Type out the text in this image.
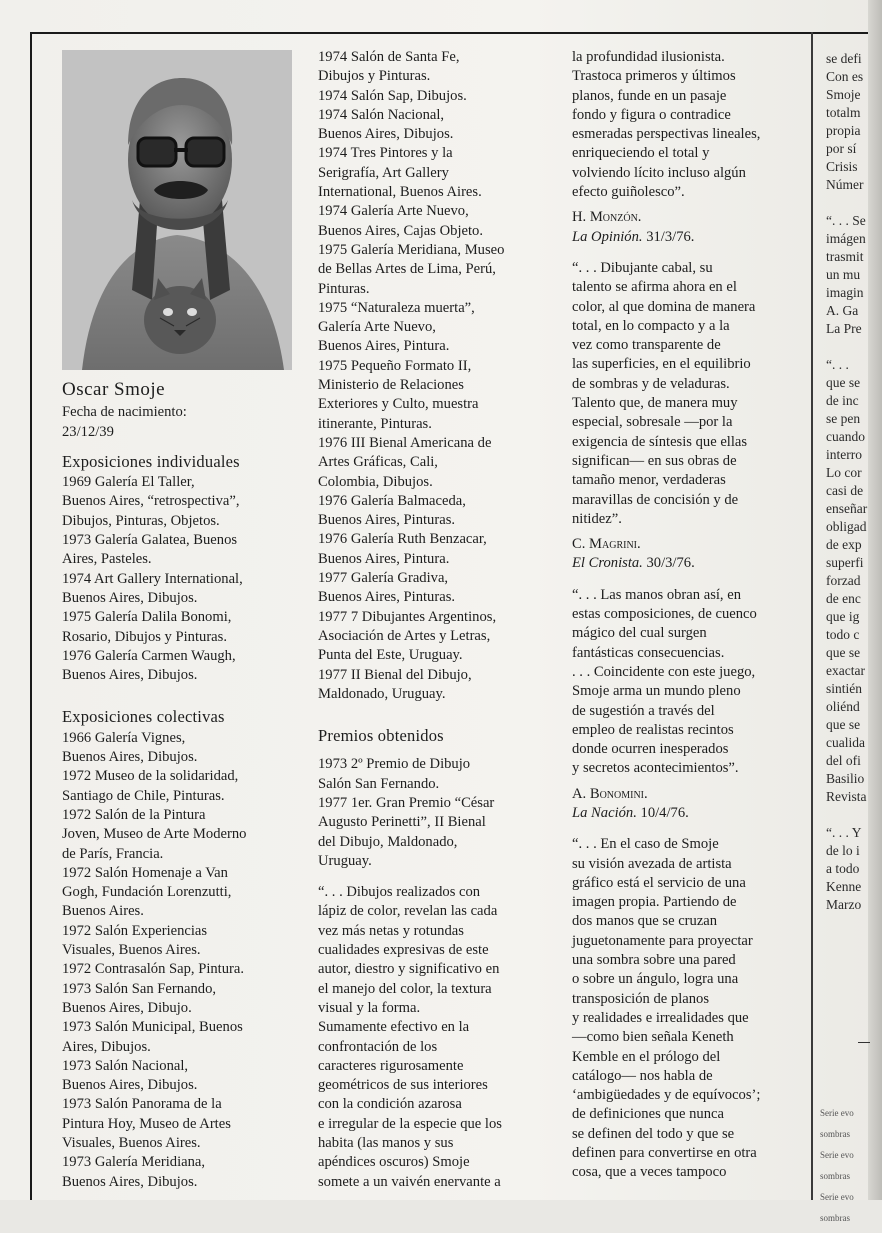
Oscar Smoje

Fecha de nacimiento:

23/12/39

Exposiciones individuales

1969 Galería El Taller,

Buenos Aires, “retrospectiva”,

Dibujos, Pinturas, Objetos.

1973 Galería Galatea, Buenos

Aires, Pasteles.

1974 Art Gallery International,

Buenos Aires, Dibujos.

1975 Galería Dalila Bonomi,

Rosario, Dibujos y Pinturas.

1976 Galería Carmen Waugh,

Buenos Aires, Dibujos.

Exposiciones colectivas

1966 Galería Vignes,

Buenos Aires, Dibujos.

1972 Museo de la solidaridad,

Santiago de Chile, Pinturas.

1972 Salón de la Pintura

Joven, Museo de Arte Moderno

de París, Francia.

1972 Salón Homenaje a Van

Gogh, Fundación Lorenzutti,

Buenos Aires.

1972 Salón Experiencias

Visuales, Buenos Aires.

1972 Contrasalón Sap, Pintura.

1973 Salón San Fernando,

Buenos Aires, Dibujo.

1973 Salón Municipal, Buenos

Aires, Dibujos.

1973 Salón Nacional,

Buenos Aires, Dibujos.

1973 Salón Panorama de la

Pintura Hoy, Museo de Artes

Visuales, Buenos Aires.

1973 Galería Meridiana,

Buenos Aires, Dibujos.

1974 Salón de Santa Fe,

Dibujos y Pinturas.

1974 Salón Sap, Dibujos.

1974 Salón Nacional,

Buenos Aires, Dibujos.

1974 Tres Pintores y la

Serigrafía, Art Gallery

International, Buenos Aires.

1974 Galería Arte Nuevo,

Buenos Aires, Cajas Objeto.

1975 Galería Meridiana, Museo

de Bellas Artes de Lima, Perú,

Pinturas.

1975 “Naturaleza muerta”,

Galería Arte Nuevo,

Buenos Aires, Pintura.

1975 Pequeño Formato II,

Ministerio de Relaciones

Exteriores y Culto, muestra

itinerante, Pinturas.

1976 III Bienal Americana de

Artes Gráficas, Cali,

Colombia, Dibujos.

1976 Galería Balmaceda,

Buenos Aires, Pinturas.

1976 Galería Ruth Benzacar,

Buenos Aires, Pintura.

1977 Galería Gradiva,

Buenos Aires, Pinturas.

1977 7 Dibujantes Argentinos,

Asociación de Artes y Letras,

Punta del Este, Uruguay.

1977 II Bienal del Dibujo,

Maldonado, Uruguay.

Premios obtenidos

1973 2º Premio de Dibujo

Salón San Fernando.

1977 1er. Gran Premio “César

Augusto Perinetti”, II Bienal

del Dibujo, Maldonado,

Uruguay.

“. . . Dibujos realizados con

lápiz de color, revelan las cada

vez más netas y rotundas

cualidades expresivas de este

autor, diestro y significativo en

el manejo del color, la textura

visual y la forma.

Sumamente efectivo en la

confrontación de los

caracteres rigurosamente

geométricos de sus interiores

con la condición azarosa

e irregular de la especie que los

habita (las manos y sus

apéndices oscuros) Smoje

somete a un vaivén enervante a

la profundidad ilusionista.

Trastoca primeros y últimos

planos, funde en un pasaje

fondo y figura o contradice

esmeradas perspectivas lineales,

enriqueciendo el total y

volviendo lícito incluso algún

efecto guiñolesco”.

H. Monzón.

La Opinión. 31/3/76.

“. . . Dibujante cabal, su

talento se afirma ahora en el

color, al que domina de manera

total, en lo compacto y a la

vez como transparente de

las superficies, en el equilibrio

de sombras y de veladuras.

Talento que, de manera muy

especial, sobresale —por la

exigencia de síntesis que ellas

significan— en sus obras de

tamaño menor, verdaderas

maravillas de concisión y de

nitidez”.

C. Magrini.

El Cronista. 30/3/76.

“. . . Las manos obran así, en

estas composiciones, de cuenco

mágico del cual surgen

fantásticas consecuencias.

. . . Coincidente con este juego,

Smoje arma un mundo pleno

de sugestión a través del

empleo de realistas recintos

donde ocurren inesperados

y secretos acontecimientos”.

A. Bonomini.

La Nación. 10/4/76.

“. . . En el caso de Smoje

su visión avezada de artista

gráfico está el servicio de una

imagen propia. Partiendo de

dos manos que se cruzan

juguetonamente para proyectar

una sombra sobre una pared

o sobre un ángulo, logra una

transposición de planos

y realidades e irrealidades que

—como bien señala Keneth

Kemble en el prólogo del

catálogo— nos habla de

‘ambigüedades y de equívocos’;

de definiciones que nunca

se definen del todo y que se

definen para convertirse en otra

cosa, que a veces tampoco

se defi

Con es

Smoje

totalm

propia

por sí

Crisis

Númer

“. . . Se

imágen

trasmit

un mu

imagin

A. Ga

La Pre

“. . .

que se

de inc

se pen

cuando

interro

Lo cor

casi de

enseñar

obligad

de exp

superfi

forzad

de enc

que ig

todo c

que se

exactar

sintién

oliénd

que se

cualida

del ofi

Basilio

Revista

“. . . Y

de lo i

a todo

Kenne

Marzo

Serie evo

sombras

Serie evo

sombras

Serie evo

sombras
